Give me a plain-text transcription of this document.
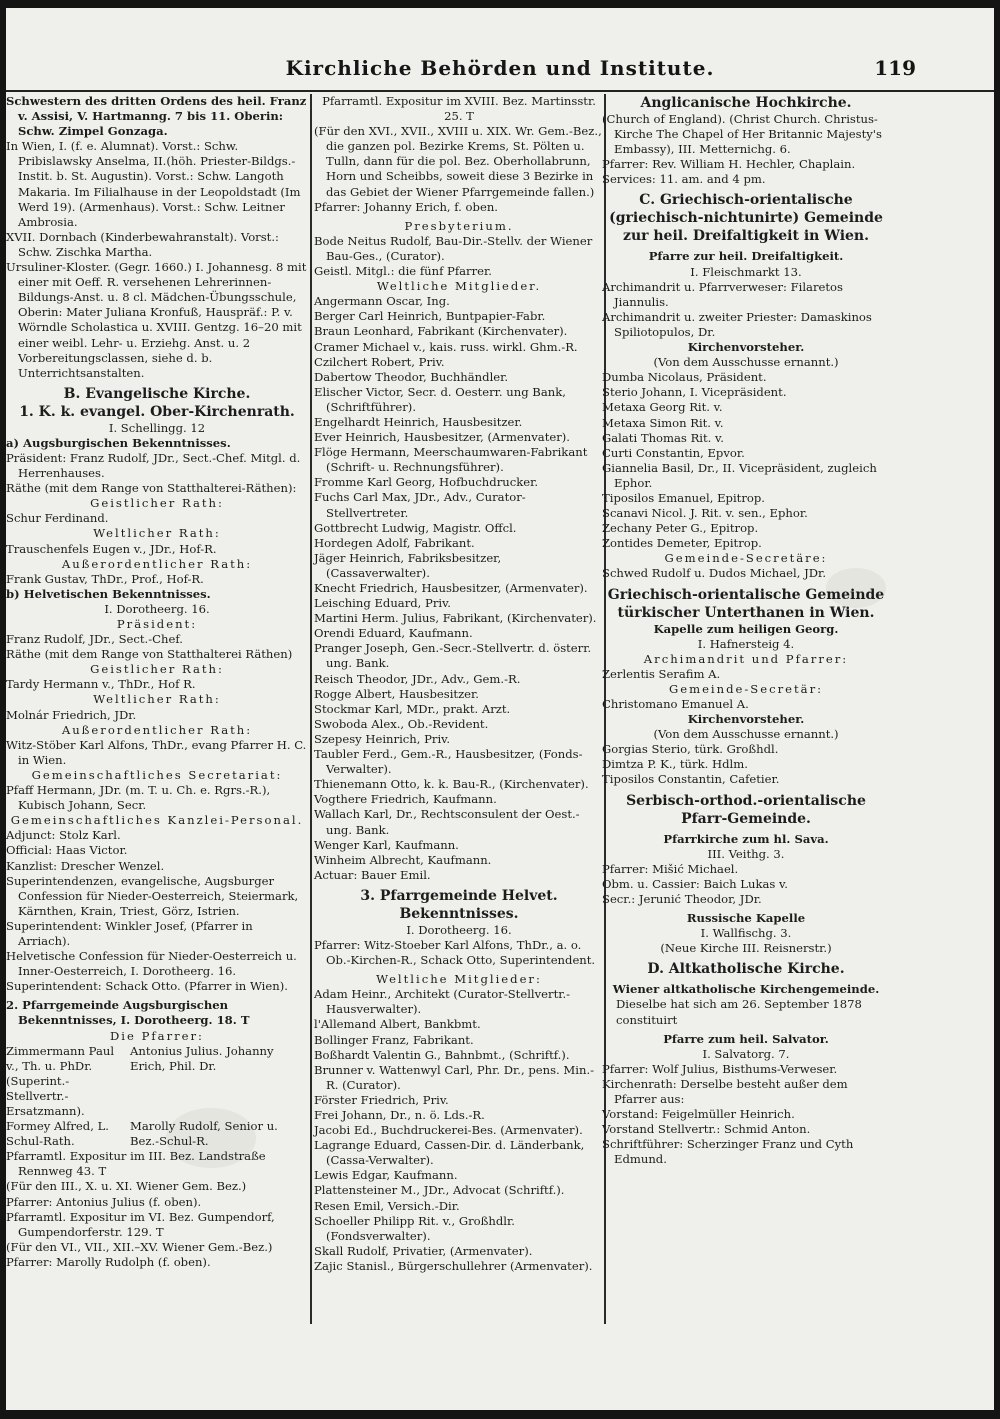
Kirchliche Behörden und Institute.	119

Schwestern des dritten Ordens des heil. Franz v. Assisi, V. Hartmanng. 7 bis 11. Oberin: Schw. Zimpel Gonzaga.

In Wien, I. (f. e. Alumnat). Vorst.: Schw. Pribislawsky Anselma, II.(höh. Priester-Bildgs.-Instit. b. St. Augustin). Vorst.: Schw. Langoth Makaria. Im Filialhause in der Leopoldstadt (Im Werd 19). (Armenhaus). Vorst.: Schw. Leitner Ambrosia.

XVII. Dornbach (Kinderbewahranstalt). Vorst.: Schw. Zischka Martha.

Ursuliner-Kloster. (Gegr. 1660.) I. Johannesg. 8 mit einer mit Oeff. R. versehenen Lehrerinnen-Bildungs-Anst. u. 8 cl. Mädchen-Übungsschule, Oberin: Mater Juliana Kronfuß, Hauspräf.: P. v. Wörndle Scholastica u. XVIII. Gentzg. 16–20 mit einer weibl. Lehr- u. Erziehg. Anst. u. 2 Vorbereitungsclassen, siehe d. b. Unterrichtsanstalten.

B. Evangelische Kirche.

1. K. k. evangel. Ober-Kirchenrath.

I. Schellingg. 12

a) Augsburgischen Bekenntnisses.

Präsident: Franz Rudolf, JDr., Sect.-Chef. Mitgl. d. Herrenhauses.

Räthe (mit dem Range von Statthalterei-Räthen):

Geistlicher Rath:

Schur Ferdinand.

Weltlicher Rath:

Trauschenfels Eugen v., JDr., Hof-R.

Außerordentlicher Rath:

Frank Gustav, ThDr., Prof., Hof-R.

b) Helvetischen Bekenntnisses.

I. Dorotheerg. 16.

Präsident:

Franz Rudolf, JDr., Sect.-Chef.

Räthe (mit dem Range von Statthalterei Räthen)

Geistlicher Rath:

Tardy Hermann v., ThDr., Hof R.

Weltlicher Rath:

Molnár Friedrich, JDr.

Außerordentlicher Rath:

Witz-Stöber Karl Alfons, ThDr., evang Pfarrer H. C. in Wien.

Gemeinschaftliches Secretariat:

Pfaff Hermann, JDr. (m. T. u. Ch. e. Rgrs.-R.), Kubisch Johann, Secr.

Gemeinschaftliches Kanzlei-Personal.

Adjunct: Stolz Karl.

Official: Haas Victor.

Kanzlist: Drescher Wenzel.

Superintendenzen, evangelische, Augsburger Confession für Nieder-Oesterreich, Steiermark, Kärnthen, Krain, Triest, Görz, Istrien.

Superintendent: Winkler Josef, (Pfarrer in Arriach).

Helvetische Confession für Nieder-Oesterreich u. Inner-Oesterreich, I. Dorotheerg. 16.

Superintendent: Schack Otto. (Pfarrer in Wien).

2. Pfarrgemeinde Augsburgischen Bekenntnisses, I. Dorotheerg. 18. T

Die Pfarrer:

Zimmermann Paul v., Th. u. PhDr. (Superint.-Stellvertr.-Ersatzmann).

Antonius Julius. Johanny Erich, Phil. Dr.

Formey Alfred, L. Schul-Rath.

Marolly Rudolf, Senior u. Bez.-Schul-R.

Pfarramtl. Expositur im III. Bez. Landstraße Rennweg 43. T

(Für den III., X. u. XI. Wiener Gem. Bez.)

Pfarrer: Antonius Julius (f. oben).

Pfarramtl. Expositur im VI. Bez. Gumpendorf, Gumpendorferstr. 129. T

(Für den VI., VII., XII.–XV. Wiener Gem.-Bez.)

Pfarrer: Marolly Rudolph (f. oben).

Pfarramtl. Expositur im XVIII. Bez. Martinsstr. 25. T

(Für den XVI., XVII., XVIII u. XIX. Wr. Gem.-Bez., die ganzen pol. Bezirke Krems, St. Pölten u. Tulln, dann für die pol. Bez. Oberhollabrunn, Horn und Scheibbs, soweit diese 3 Bezirke in das Gebiet der Wiener Pfarrgemeinde fallen.)

Pfarrer: Johanny Erich, f. oben.

Presbyterium.

Bode Neitus Rudolf, Bau-Dir.-Stellv. der Wiener Bau-Ges., (Curator).

Geistl. Mitgl.: die fünf Pfarrer.

Weltliche Mitglieder.

Angermann Oscar, Ing.

Berger Carl Heinrich, Buntpapier-Fabr.

Braun Leonhard, Fabrikant (Kirchenvater).

Cramer Michael v., kais. russ. wirkl. Ghm.-R.

Czilchert Robert, Priv.

Dabertow Theodor, Buchhändler.

Elischer Victor, Secr. d. Oesterr. ung Bank, (Schriftführer).

Engelhardt Heinrich, Hausbesitzer.

Ever Heinrich, Hausbesitzer, (Armenvater).

Flöge Hermann, Meerschaumwaren-Fabrikant (Schrift- u. Rechnungsführer).

Fromme Karl Georg, Hofbuchdrucker.

Fuchs Carl Max, JDr., Adv., Curator-Stellvertreter.

Gottbrecht Ludwig, Magistr. Offcl.

Hordegen Adolf, Fabrikant.

Jäger Heinrich, Fabriksbesitzer, (Cassaverwalter).

Knecht Friedrich, Hausbesitzer, (Armenvater).

Leisching Eduard, Priv.

Martini Herm. Julius, Fabrikant, (Kirchenvater).

Orendi Eduard, Kaufmann.

Pranger Joseph, Gen.-Secr.-Stellvertr. d. österr. ung. Bank.

Reisch Theodor, JDr., Adv., Gem.-R.

Rogge Albert, Hausbesitzer.

Stockmar Karl, MDr., prakt. Arzt.

Swoboda Alex., Ob.-Revident.

Szepesy Heinrich, Priv.

Taubler Ferd., Gem.-R., Hausbesitzer, (Fonds-Verwalter).

Thienemann Otto, k. k. Bau-R., (Kirchenvater).

Vogthere Friedrich, Kaufmann.

Wallach Karl, Dr., Rechtsconsulent der Oest.-ung. Bank.

Wenger Karl, Kaufmann.

Winheim Albrecht, Kaufmann.

Actuar: Bauer Emil.

3. Pfarrgemeinde Helvet. Bekenntnisses.

I. Dorotheerg. 16.

Pfarrer: Witz-Stoeber Karl Alfons, ThDr., a. o. Ob.-Kirchen-R., Schack Otto, Superintendent.

Weltliche Mitglieder:

Adam Heinr., Architekt (Curator-Stellvertr.-Hausverwalter).

l'Allemand Albert, Bankbmt.

Bollinger Franz, Fabrikant.

Boßhardt Valentin G., Bahnbmt., (Schriftf.).

Brunner v. Wattenwyl Carl, Phr. Dr., pens. Min.-R. (Curator).

Förster Friedrich, Priv.

Frei Johann, Dr., n. ö. Lds.-R.

Jacobi Ed., Buchdruckerei-Bes. (Armenvater).

Lagrange Eduard, Cassen-Dir. d. Länderbank, (Cassa-Verwalter).

Lewis Edgar, Kaufmann.

Plattensteiner M., JDr., Advocat (Schriftf.).

Resen Emil, Versich.-Dir.

Schoeller Philipp Rit. v., Großhdlr. (Fondsverwalter).

Skall Rudolf, Privatier, (Armenvater).

Zajic Stanisl., Bürgerschullehrer (Armenvater).

Anglicanische Hochkirche.

(Church of England). (Christ Church. Christus-Kirche The Chapel of Her Britannic Majesty's Embassy), III. Metternichg. 6.

Pfarrer: Rev. William H. Hechler, Chaplain.

Services: 11. am. and 4 pm.

C. Griechisch-orientalische (griechisch-nichtunirte) Gemeinde zur heil. Dreifaltigkeit in Wien.

Pfarre zur heil. Dreifaltigkeit.

I. Fleischmarkt 13.

Archimandrit u. Pfarrverweser: Filaretos Jiannulis.

Archimandrit u. zweiter Priester: Damaskinos Spiliotopulos, Dr.

Kirchenvorsteher.

(Von dem Ausschusse ernannt.)

Dumba Nicolaus, Präsident.

Sterio Johann, I. Vicepräsident.

Metaxa Georg Rit. v.

Metaxa Simon Rit. v.

Galati Thomas Rit. v.

Curti Constantin, Epvor.

Giannelia Basil, Dr., II. Vicepräsident, zugleich Ephor.

Tiposilos Emanuel, Epitrop.

Scanavi Nicol. J. Rit. v. sen., Ephor.

Zechany Peter G., Epitrop.

Zontides Demeter, Epitrop.

Gemeinde-Secretäre:

Schwed Rudolf u. Dudos Michael, JDr.

Griechisch-orientalische Gemeinde türkischer Unterthanen in Wien.

Kapelle zum heiligen Georg.

I. Hafnersteig 4.

Archimandrit und Pfarrer:

Zerlentis Serafim A.

Gemeinde-Secretär:

Christomano Emanuel A.

Kirchenvorsteher.

(Von dem Ausschusse ernannt.)

Gorgias Sterio, türk. Großhdl.

Dimtza P. K., türk. Hdlm.

Tiposilos Constantin, Cafetier.

Serbisch-orthod.-orientalische Pfarr-Gemeinde.

Pfarrkirche zum hl. Sava.

III. Veithg. 3.

Pfarrer: Mišić Michael.

Obm. u. Cassier: Baich Lukas v.

Secr.: Jerunić Theodor, JDr.

Russische Kapelle

I. Wallfischg. 3.

(Neue Kirche III. Reisnerstr.)

D. Altkatholische Kirche.

Wiener altkatholische Kirchengemeinde.

Dieselbe hat sich am 26. September 1878 constituirt

Pfarre zum heil. Salvator.

I. Salvatorg. 7.

Pfarrer: Wolf Julius, Bisthums-Verweser.

Kirchenrath: Derselbe besteht außer dem Pfarrer aus:

Vorstand: Feigelmüller Heinrich.

Vorstand Stellvertr.: Schmid Anton.

Schriftführer: Scherzinger Franz und Cyth Edmund.
